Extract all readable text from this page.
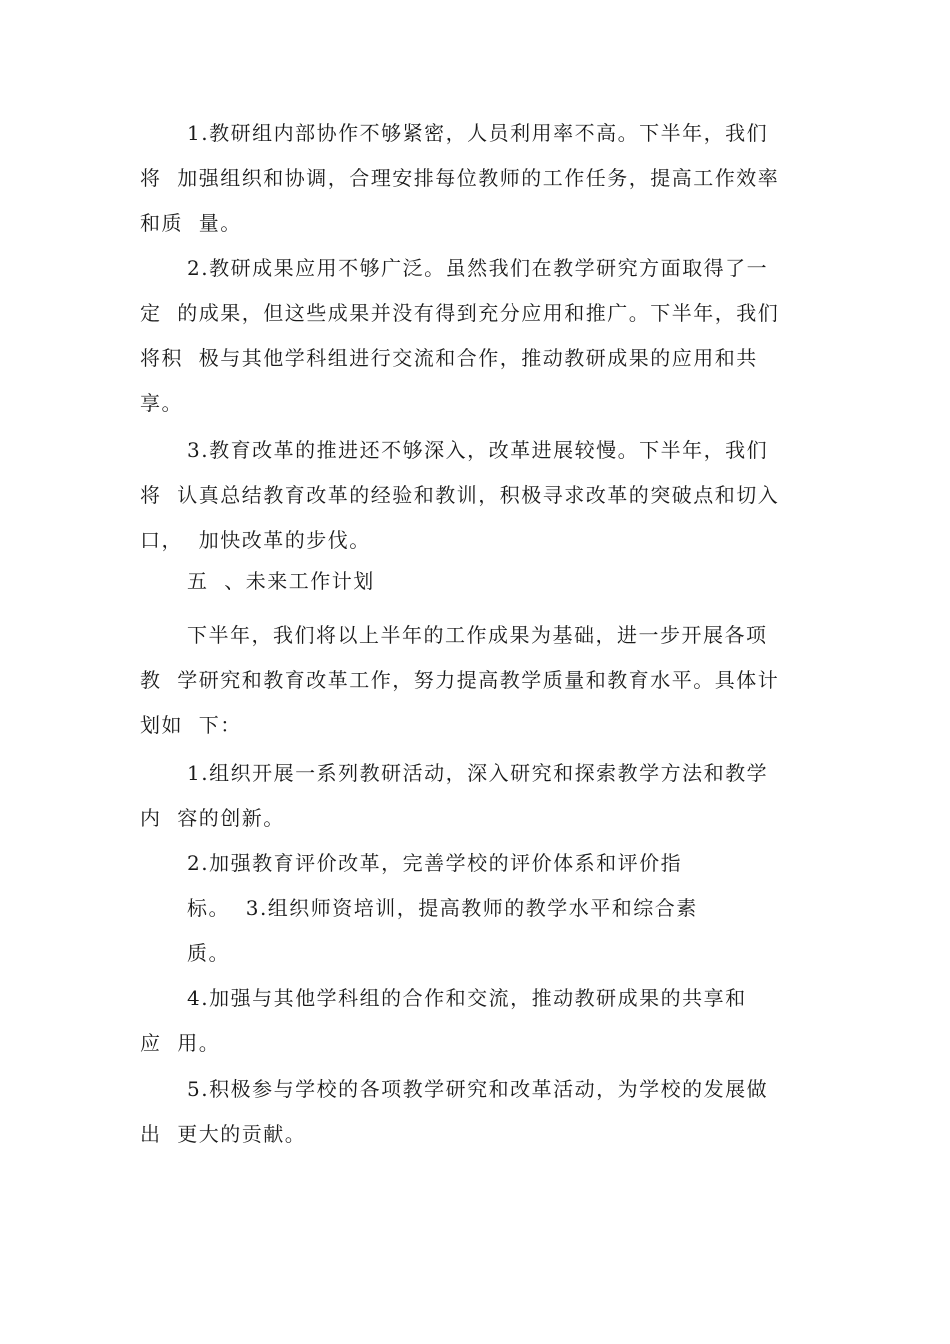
1.教研组内部协作不够紧密，人员利用率不高。下半年，我们
将  加强组织和协调，合理安排每位教师的工作任务，提高工作效率
和质  量。
2.教研成果应用不够广泛。虽然我们在教学研究方面取得了一
定  的成果，但这些成果并没有得到充分应用和推广。下半年，我们
将积  极与其他学科组进行交流和合作，推动教研成果的应用和共
享。
3.教育改革的推进还不够深入，改革进展较慢。下半年，我们
将  认真总结教育改革的经验和教训，积极寻求改革的突破点和切入
口，  加快改革的步伐。
五  、未来工作计划
下半年，我们将以上半年的工作成果为基础，进一步开展各项
教  学研究和教育改革工作，努力提高教学质量和教育水平。具体计
划如  下：
1.组织开展一系列教研活动，深入研究和探索教学方法和教学
内  容的创新。
2.加强教育评价改革，完善学校的评价体系和评价指
标。  3.组织师资培训，提高教师的教学水平和综合素
质。
4.加强与其他学科组的合作和交流，推动教研成果的共享和
应  用。
5.积极参与学校的各项教学研究和改革活动，为学校的发展做
出  更大的贡献。
